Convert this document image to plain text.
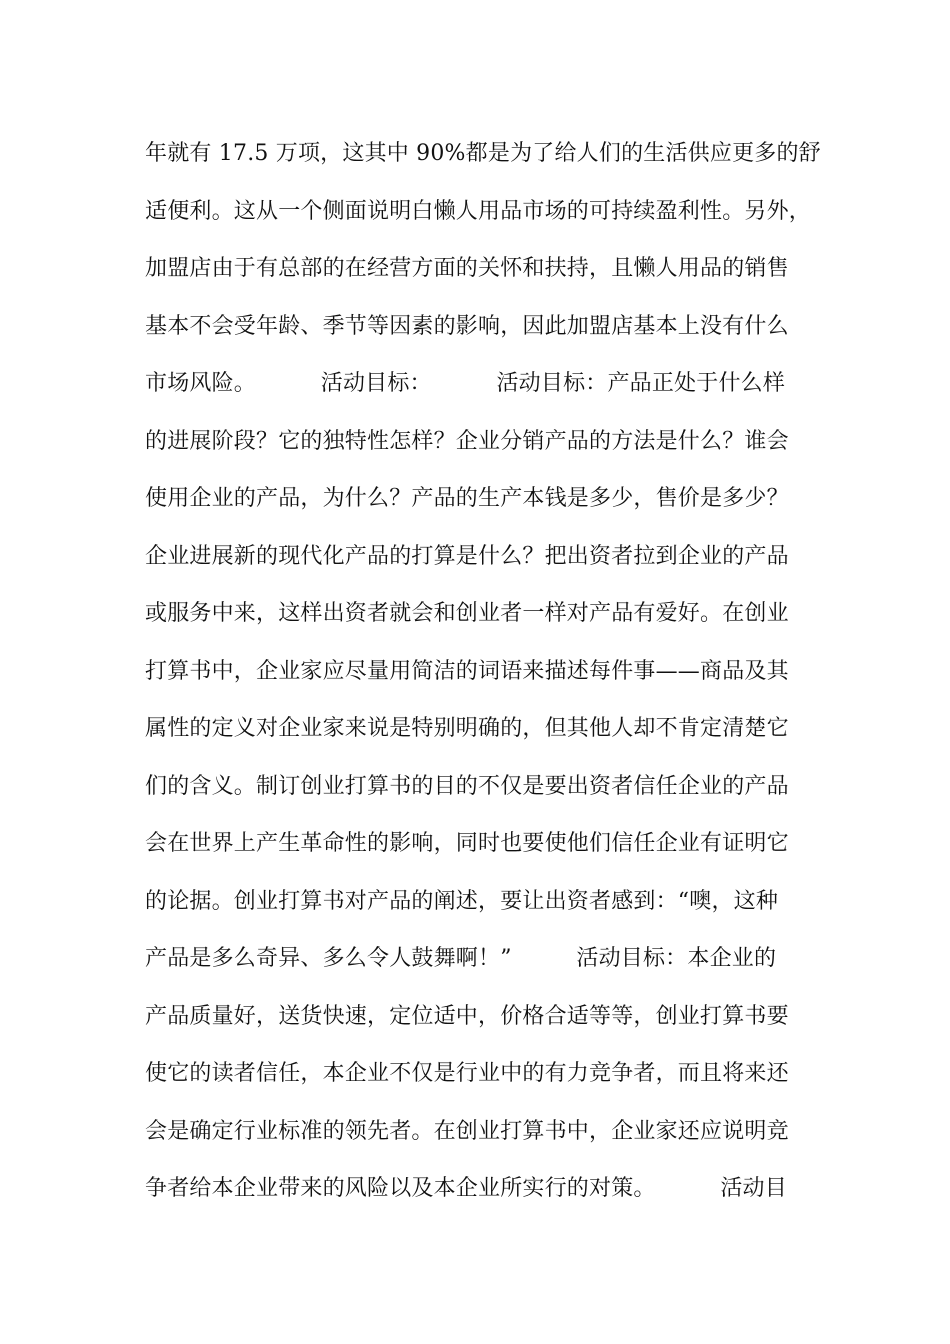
年就有 17.5 万项，这其中 90%都是为了给人们的生活供应更多的舒
适便利。这从一个侧面说明白懒人用品市场的可持续盈利性。另外，
加盟店由于有总部的在经营方面的关怀和扶持，且懒人用品的销售
基本不会受年龄、季节等因素的影响，因此加盟店基本上没有什么
市场风险。         活动目标：         活动目标：产品正处于什么样
的进展阶段？它的独特性怎样？企业分销产品的方法是什么？谁会
使用企业的产品，为什么？产品的生产本钱是多少，售价是多少？
企业进展新的现代化产品的打算是什么？把出资者拉到企业的产品
或服务中来，这样出资者就会和创业者一样对产品有爱好。在创业
打算书中，企业家应尽量用简洁的词语来描述每件事——商品及其
属性的定义对企业家来说是特别明确的，但其他人却不肯定清楚它
们的含义。制订创业打算书的目的不仅是要出资者信任企业的产品
会在世界上产生革命性的影响，同时也要使他们信任企业有证明它
的论据。创业打算书对产品的阐述，要让出资者感到：“噢，这种
产品是多么奇异、多么令人鼓舞啊！”         活动目标：本企业的
产品质量好，送货快速，定位适中，价格合适等等，创业打算书要
使它的读者信任，本企业不仅是行业中的有力竞争者，而且将来还
会是确定行业标准的领先者。在创业打算书中，企业家还应说明竞
争者给本企业带来的风险以及本企业所实行的对策。         活动目
